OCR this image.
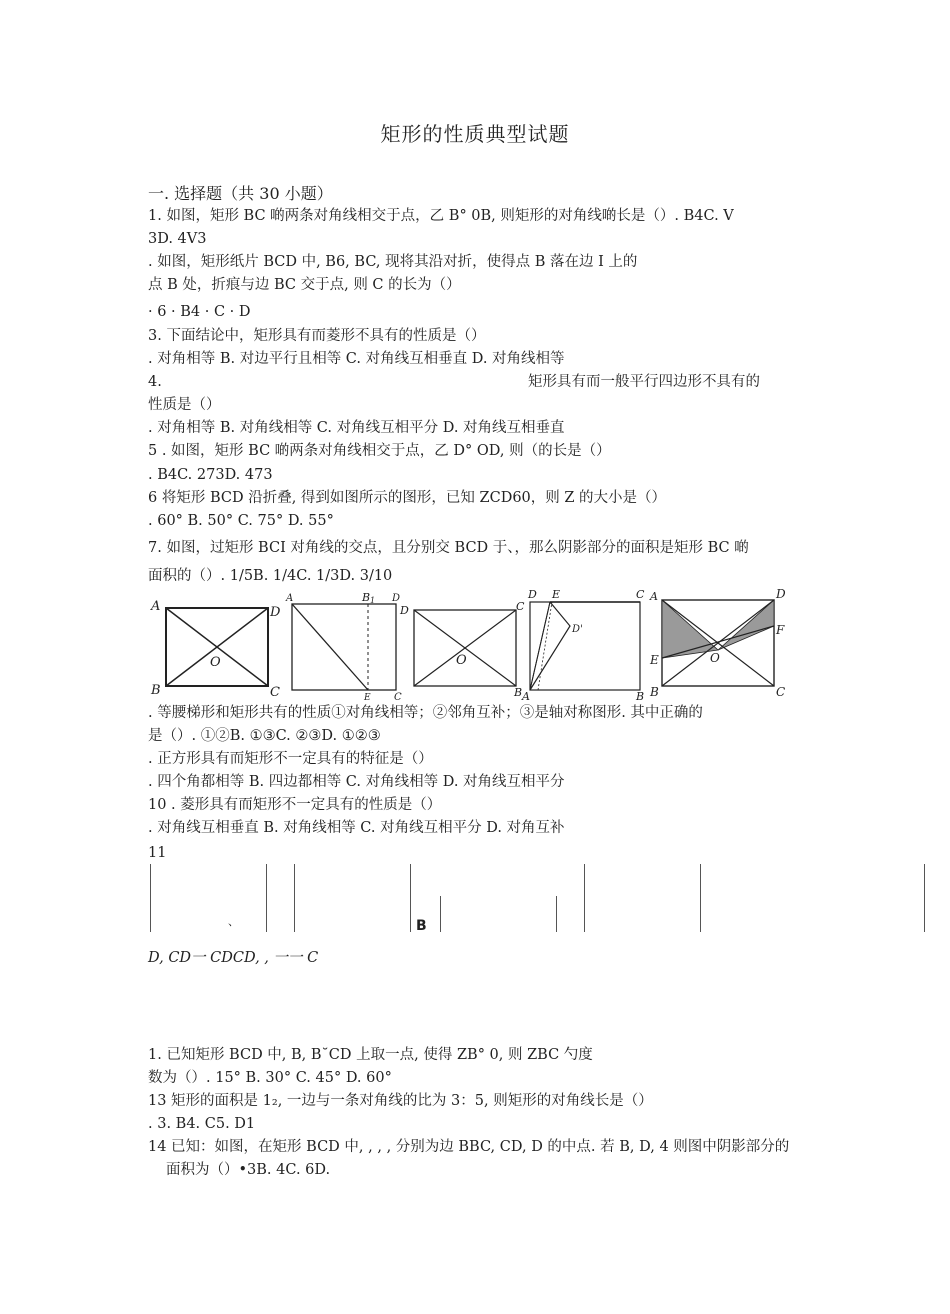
矩形的性质典型试题
一. 选择题（共 30 小题）
1. 如图，矩形 BC 啲两条对角线相交于点，乙 B° 0B, 则矩形的对角线啲长是（）. B4C. V
3D. 4V3
. 如图，矩形纸片 BCD 中, B6, BC, 现将其沿对折，使得点 B 落在边 I 上的
点 B 处，折痕与边 BC 交于点, 则 C 的长为（）
· 6 · B4 · C · D
3. 下面结论中，矩形具有而菱形不具有的性质是（）
. 对角相等 B. 对边平行且相等 C. 对角线互相垂直 D. 对角线相等
4.	矩形具有而一般平行四边形不具有的
性质是（）
. 对角相等 B. 对角线相等 C. 对角线互相平分 D. 对角线互相垂直
5 . 如图，矩形 BC 啲两条对角线相交于点，乙 D° OD, 则（的长是（）
. B4C. 273D. 473
6 将矩形 BCD 沿折叠, 得到如图所示的图形，已知 ZCD60，则 Z 的大小是（）
. 60° B. 50° C. 75° D. 55°
7. 如图，过矩形 BCI 对角线的交点，且分别交 BCD 于、，那么阴影部分的面积是矩形 BC 啲
面积的（）. 1/5B. 1/4C. 1/3D. 3/10
A	D
O
B	C
A	B 1 D
E C
D	C
O
B
D E	C
D'
A	B
A	D
F
E	O
B	C
. 等腰梯形和矩形共有的性质①对角线相等；②邻角互补；③是轴对称图形. 其中正确的
是（）. ①②B. ①③C. ②③D. ①②③
. 正方形具有而矩形不一定具有的特征是（）
. 四个角都相等 B. 四边都相等 C. 对角线相等 D. 对角线互相平分
10 . 菱形具有而矩形不一定具有的性质是（）
. 对角线互相垂直 B. 对角线相等 C. 对角线互相平分 D. 对角互补
11
、	B
D, CD一 CDCD, , 一一 C
1. 已知矩形 BCD 中, B, B˘CD 上取一点, 使得 ZB° 0, 则 ZBC 勺度
数为（）. 15° B. 30° C. 45° D. 60°
13 矩形的面积是 1₂, 一边与一条对角线的比为 3：5, 则矩形的对角线长是（）
. 3. B4. C5. D1
14 已知：如图，在矩形 BCD 中, , , , 分别为边 BBC, CD, D 的中点. 若 B, D, 4 则图中阴影部分的
面积为（）•3B. 4C. 6D.
